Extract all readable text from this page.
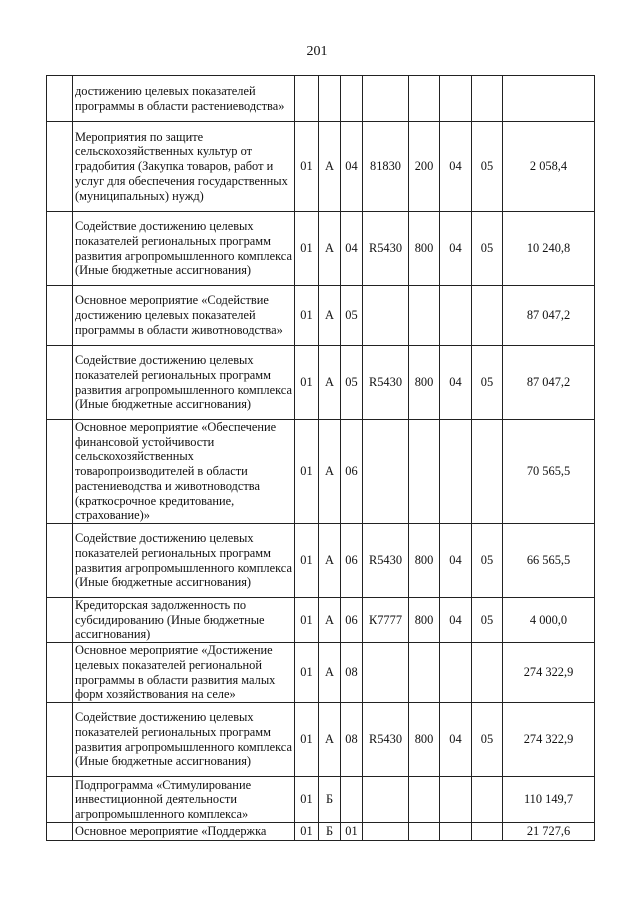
201
	достижению целевых показателей программы в области растениеводства»								
	Мероприятия по защите сельскохозяйственных культур от градобития (Закупка товаров, работ и услуг для обеспечения государственных (муниципальных) нужд)	01	А	04	81830	200	04	05	2 058,4
	Содействие достижению целевых показателей региональных программ развития агропромышленного комплекса (Иные бюджетные ассигнования)	01	А	04	R5430	800	04	05	10 240,8
	Основное мероприятие «Содействие достижению целевых показателей программы в области животноводства»	01	А	05					87 047,2
	Содействие достижению целевых показателей региональных программ развития агропромышленного комплекса (Иные бюджетные ассигнования)	01	А	05	R5430	800	04	05	87 047,2
	Основное мероприятие «Обеспечение финансовой устойчивости сельскохозяйственных товаропроизводителей в области растениеводства и животноводства (краткосрочное кредитование, страхование)»	01	А	06					70 565,5
	Содействие достижению целевых показателей региональных программ развития агропромышленного комплекса (Иные бюджетные ассигнования)	01	А	06	R5430	800	04	05	66 565,5
	Кредиторская задолженность по субсидированию (Иные бюджетные ассигнования)	01	А	06	К7777	800	04	05	4 000,0
	Основное мероприятие «Достижение целевых показателей региональной программы в области развития малых форм хозяйствования на селе»	01	А	08					274 322,9
	Содействие достижению целевых показателей региональных программ развития агропромышленного комплекса (Иные бюджетные ассигнования)	01	А	08	R5430	800	04	05	274 322,9
	Подпрограмма «Стимулирование инвестиционной деятельности агропромышленного комплекса»	01	Б						110 149,7
	Основное мероприятие «Поддержка	01	Б	01					21 727,6
